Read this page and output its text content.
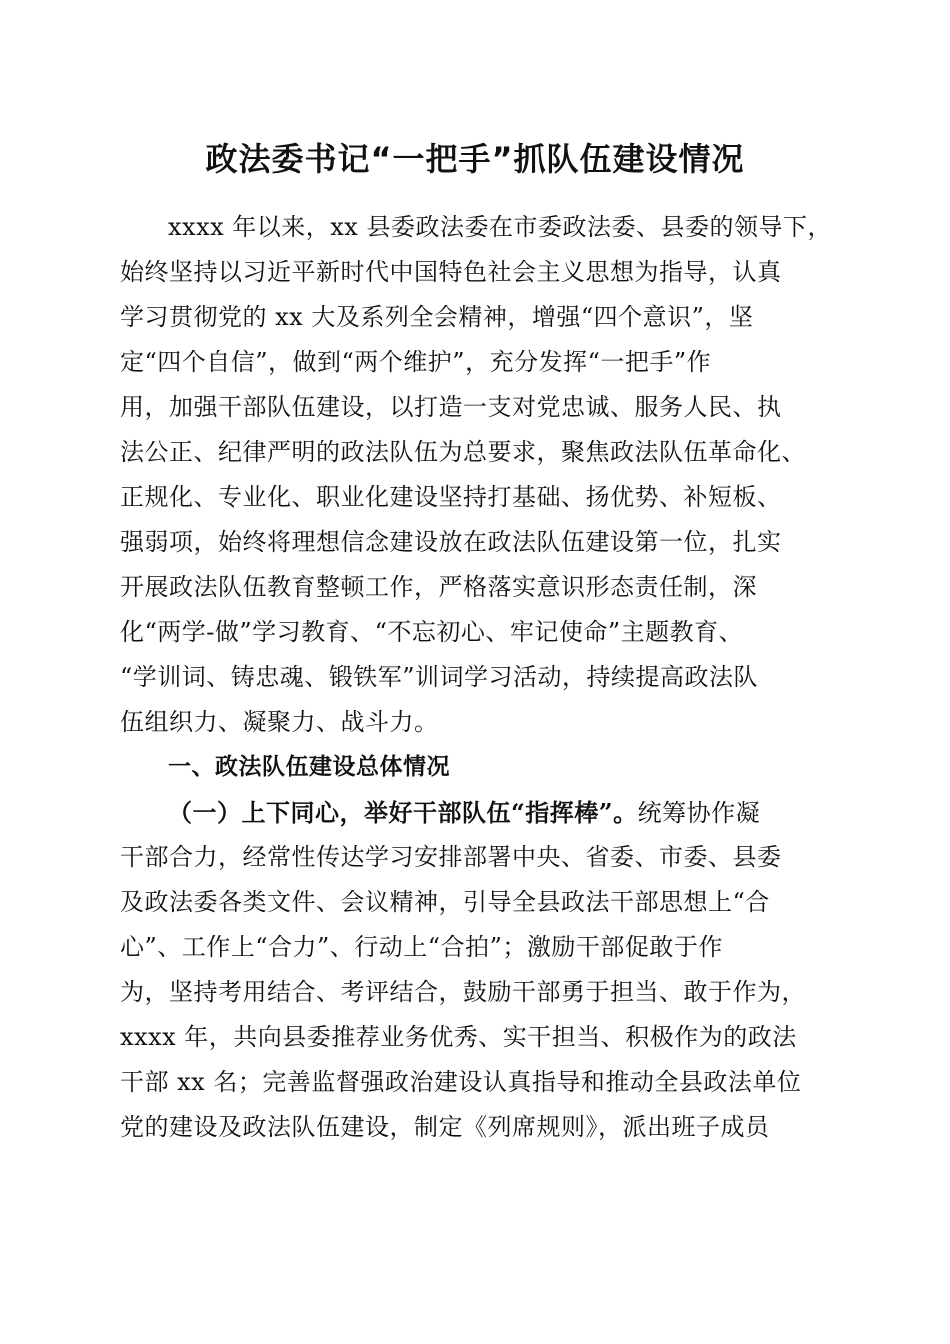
政法委书记“一把手”抓队伍建设情况
xxxx 年以来，xx 县委政法委在市委政法委、县委的领导下，
始终坚持以习近平新时代中国特色社会主义思想为指导，认真
学习贯彻党的 xx 大及系列全会精神，增强“四个意识”，坚
定“四个自信”，做到“两个维护”，充分发挥“一把手”作
用，加强干部队伍建设，以打造一支对党忠诚、服务人民、执
法公正、纪律严明的政法队伍为总要求，聚焦政法队伍革命化、
正规化、专业化、职业化建设坚持打基础、扬优势、补短板、
强弱项，始终将理想信念建设放在政法队伍建设第一位，扎实
开展政法队伍教育整顿工作，严格落实意识形态责任制，深
化“两学-做”学习教育、“不忘初心、牢记使命”主题教育、
“学训词、铸忠魂、锻铁军”训词学习活动，持续提高政法队
伍组织力、凝聚力、战斗力。
一、政法队伍建设总体情况
（一）上下同心，举好干部队伍“指挥棒”。统筹协作凝
干部合力，经常性传达学习安排部署中央、省委、市委、县委
及政法委各类文件、会议精神，引导全县政法干部思想上“合
心”、工作上“合力”、行动上“合拍”；激励干部促敢于作
为，坚持考用结合、考评结合，鼓励干部勇于担当、敢于作为，
xxxx 年，共向县委推荐业务优秀、实干担当、积极作为的政法
干部 xx 名；完善监督强政治建设认真指导和推动全县政法单位
党的建设及政法队伍建设，制定《列席规则》，派出班子成员
